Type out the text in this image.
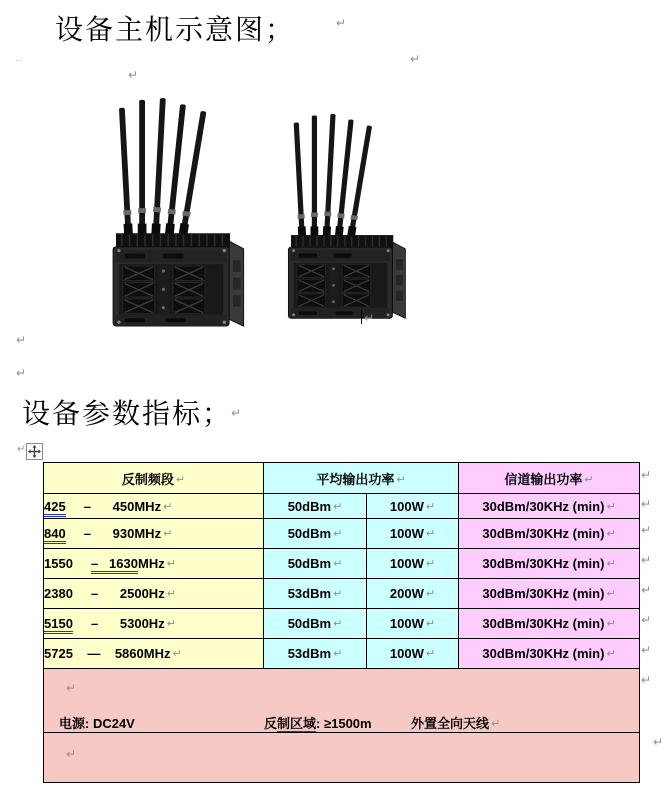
设备主机示意图；	↵
‥
↵
↵
↵
↵
↵
设备参数指标；
↵
↵
反制频段 ↵	平均输出功率 ↵		信道输出功率 ↵
425     –      450MHz ↵	50dBm ↵	100W ↵	30dBm/30KHz (min) ↵
840     –      930MHz ↵	50dBm ↵	100W ↵	30dBm/30KHz (min) ↵
1550     –   1630MHz ↵	50dBm ↵	100W ↵	30dBm/30KHz (min) ↵
2380     –      2500Hz ↵	53dBm ↵	200W ↵	30dBm/30KHz (min) ↵
5150     –      5300Hz ↵	50dBm ↵	100W ↵	30dBm/30KHz (min) ↵
5725    —    5860MHz ↵	53dBm ↵	100W ↵	30dBm/30KHz (min) ↵

↵
电源: DC24V 反制区域: ≥1500m 外置全向天线 ↵			

↵			
↵
↵
↵
↵
↵
↵
↵
↵
↵
